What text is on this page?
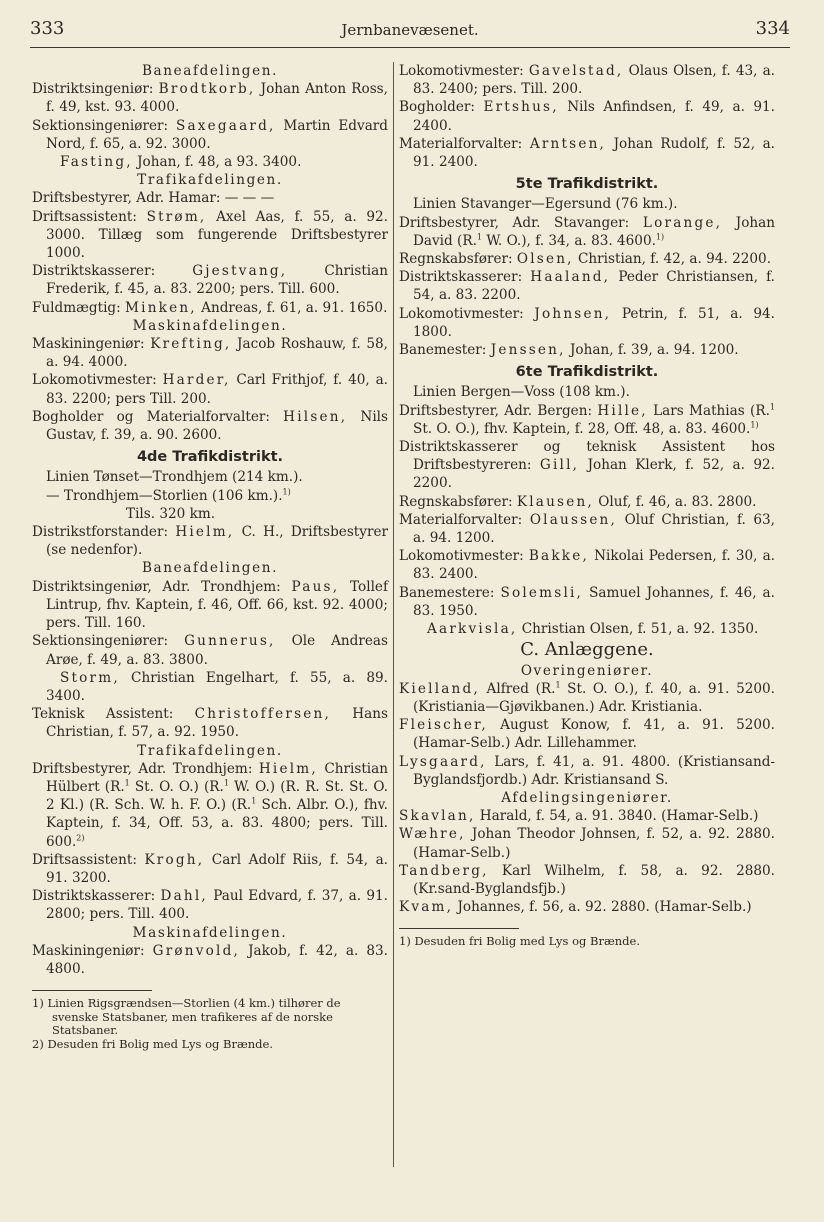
333	Jernbanevæsenet.	334

Baneafdelingen.

Distriktsingeniør: Brodtkorb, Johan Anton Ross, f. 49, kst. 93. 4000.

Sektionsingeniører: Saxegaard, Martin Edvard Nord, f. 65, a. 92. 3000.

Fasting, Johan, f. 48, a 93. 3400.

Trafikafdelingen.

Driftsbestyrer, Adr. Hamar: — — —

Driftsassistent: Strøm, Axel Aas, f. 55, a. 92. 3000. Tillæg som fungerende Driftsbestyrer 1000.

Distriktskasserer: Gjestvang, Christian Frederik, f. 45, a. 83. 2200; pers. Till. 600.

Fuldmægtig: Minken, Andreas, f. 61, a. 91. 1650.

Maskinafdelingen.

Maskiningeniør: Krefting, Jacob Roshauw, f. 58, a. 94. 4000.

Lokomotivmester: Harder, Carl Frithjof, f. 40, a. 83. 2200; pers Till. 200.

Bogholder og Materialforvalter: Hilsen, Nils Gustav, f. 39, a. 90. 2600.

4de Trafikdistrikt.

Linien Tønset—Trondhjem (214 km.).

— Trondhjem—Storlien (106 km.).$^{1)}$

Tils. 320 km.

Distrikstforstander: Hielm, C. H., Driftsbestyrer (se nedenfor).

Baneafdelingen.

Distriktsingeniør, Adr. Trondhjem: Paus, Tollef Lintrup, fhv. Kaptein, f. 46, Off. 66, kst. 92. 4000; pers. Till. 160.

Sektionsingeniører: Gunnerus, Ole Andreas Arøe, f. 49, a. 83. 3800.

Storm, Christian Engelhart, f. 55, a. 89. 3400.

Teknisk Assistent: Christoffersen, Hans Christian, f. 57, a. 92. 1950.

Trafikafdelingen.

Driftsbestyrer, Adr. Trondhjem: Hielm, Christian Hülbert (R.$^1$ St. O. O.) (R.$^1$ W. O.) (R. R. St. St. O. 2 Kl.) (R. Sch. W. h. F. O.) (R.$^1$ Sch. Albr. O.), fhv. Kaptein, f. 34, Off. 53, a. 83. 4800; pers. Till. 600.$^{2)}$

Driftsassistent: Krogh, Carl Adolf Riis, f. 54, a. 91. 3200.

Distriktskasserer: Dahl, Paul Edvard, f. 37, a. 91. 2800; pers. Till. 400.

Maskinafdelingen.

Maskiningeniør: Grønvold, Jakob, f. 42, a. 83. 4800.

1) Linien Rigsgrændsen—Storlien (4 km.) tilhører de svenske Statsbaner, men trafikeres af de norske Statsbaner.

2) Desuden fri Bolig med Lys og Brænde.

Lokomotivmester: Gavelstad, Olaus Olsen, f. 43, a. 83. 2400; pers. Till. 200.

Bogholder: Ertshus, Nils Anfindsen, f. 49, a. 91. 2400.

Materialforvalter: Arntsen, Johan Rudolf, f. 52, a. 91. 2400.

5te Trafikdistrikt.

Linien Stavanger—Egersund (76 km.).

Driftsbestyrer, Adr. Stavanger: Lorange, Johan David (R.$^1$ W. O.), f. 34, a. 83. 4600.$^{1)}$

Regnskabsfører: Olsen, Christian, f. 42, a. 94. 2200.

Distriktskasserer: Haaland, Peder Christiansen, f. 54, a. 83. 2200.

Lokomotivmester: Johnsen, Petrin, f. 51, a. 94. 1800.

Banemester: Jenssen, Johan, f. 39, a. 94. 1200.

6te Trafikdistrikt.

Linien Bergen—Voss (108 km.).

Driftsbestyrer, Adr. Bergen: Hille, Lars Mathias (R.$^1$ St. O. O.), fhv. Kaptein, f. 28, Off. 48, a. 83. 4600.$^{1)}$

Distriktskasserer og teknisk Assistent hos Driftsbestyreren: Gill, Johan Klerk, f. 52, a. 92. 2200.

Regnskabsfører: Klausen, Oluf, f. 46, a. 83. 2800.

Materialforvalter: Olaussen, Oluf Christian, f. 63, a. 94. 1200.

Lokomotivmester: Bakke, Nikolai Pedersen, f. 30, a. 83. 2400.

Banemestere: Solemsli, Samuel Johannes, f. 46, a. 83. 1950.

Aarkvisla, Christian Olsen, f. 51, a. 92. 1350.

C. Anlæggene.

Overingeniører.

Kielland, Alfred (R.$^1$ St. O. O.), f. 40, a. 91. 5200. (Kristiania—Gjøvikbanen.) Adr. Kristiania.

Fleischer, August Konow, f. 41, a. 91. 5200. (Hamar-Selb.) Adr. Lillehammer.

Lysgaard, Lars, f. 41, a. 91. 4800. (Kristiansand-Byglandsfjordb.) Adr. Kristiansand S.

Afdelingsingeniører.

Skavlan, Harald, f. 54, a. 91. 3840. (Hamar-Selb.)

Wæhre, Johan Theodor Johnsen, f. 52, a. 92. 2880. (Hamar-Selb.)

Tandberg, Karl Wilhelm, f. 58, a. 92. 2880. (Kr.sand-Byglandsfjb.)

Kvam, Johannes, f. 56, a. 92. 2880. (Hamar-Selb.)

1) Desuden fri Bolig med Lys og Brænde.
